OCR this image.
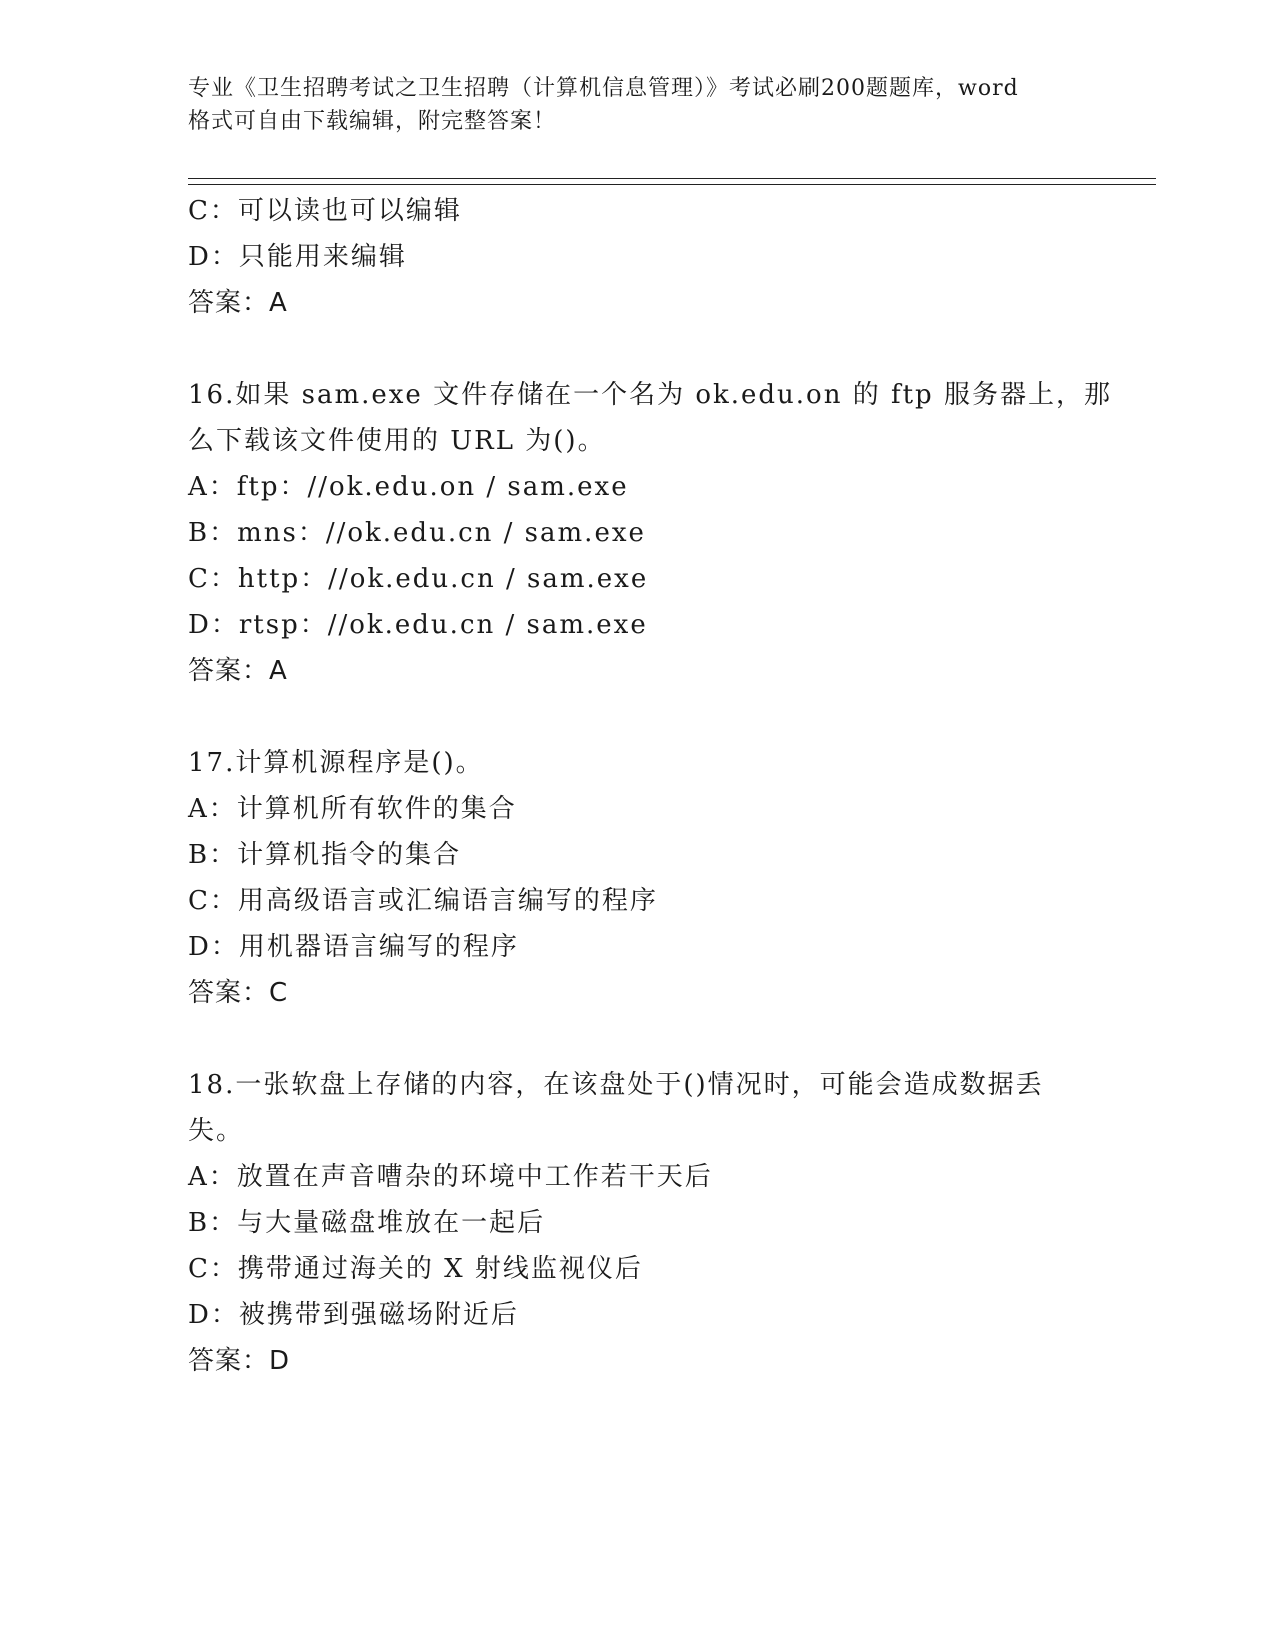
专业《卫生招聘考试之卫生招聘（计算机信息管理）》考试必刷200题题库，word
格式可自由下载编辑，附完整答案！
C：可以读也可以编辑
D：只能用来编辑
答案：A
16.如果 sam.exe 文件存储在一个名为 ok.edu.on 的 ftp 服务器上，那
么下载该文件使用的 URL 为()。
A：ftp：//ok.edu.on / sam.exe
B：mns：//ok.edu.cn / sam.exe
C：http：//ok.edu.cn / sam.exe
D：rtsp：//ok.edu.cn / sam.exe
答案：A
17.计算机源程序是()。
A：计算机所有软件的集合
B：计算机指令的集合
C：用高级语言或汇编语言编写的程序
D：用机器语言编写的程序
答案：C
18.一张软盘上存储的内容，在该盘处于()情况时，可能会造成数据丢
失。
A：放置在声音嘈杂的环境中工作若干天后
B：与大量磁盘堆放在一起后
C：携带通过海关的 X 射线监视仪后
D：被携带到强磁场附近后
答案：D
